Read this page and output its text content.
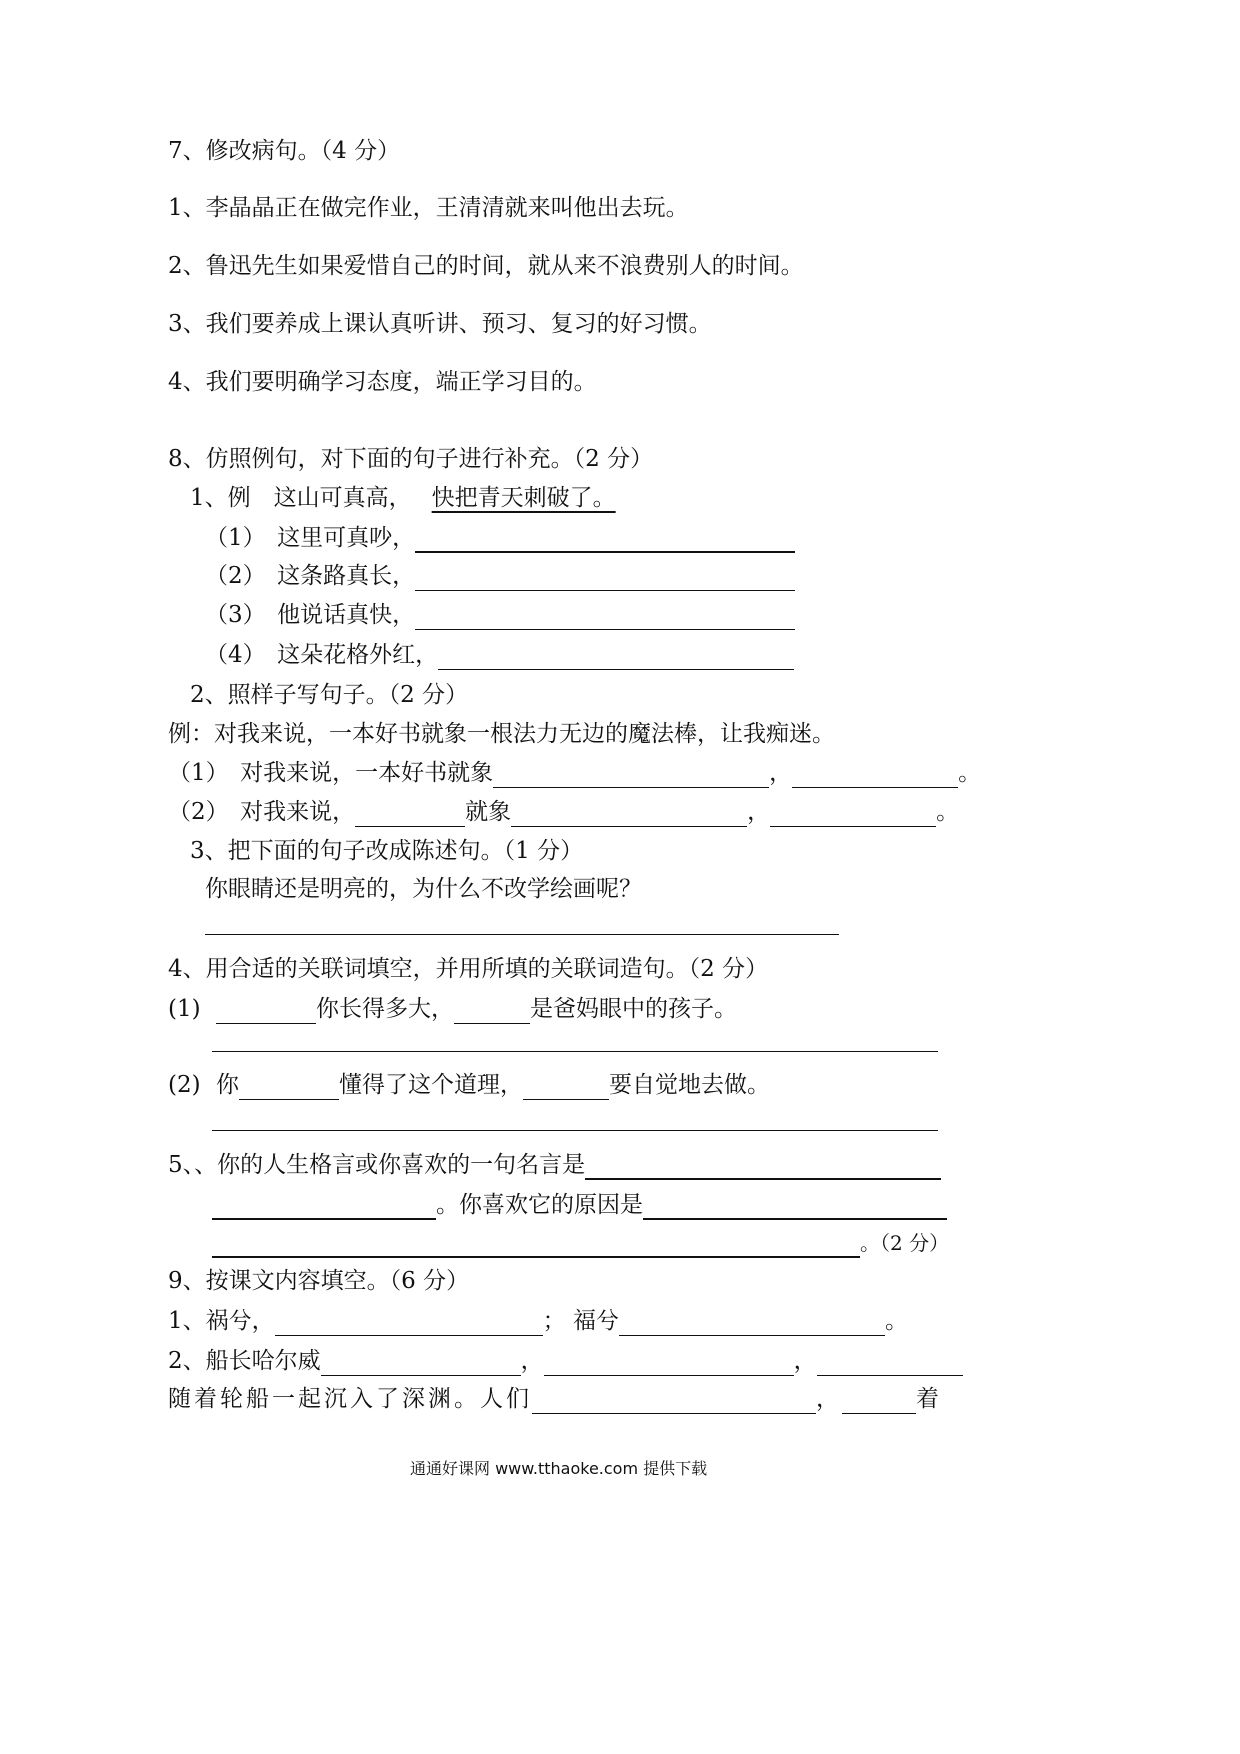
7、修改病句。（4 分）
1、李晶晶正在做完作业，王清清就来叫他出去玩。
2、鲁迅先生如果爱惜自己的时间，就从来不浪费别人的时间。
3、我们要养成上课认真听讲、预习、复习的好习惯。
4、我们要明确学习态度，端正学习目的。
8、仿照例句，对下面的句子进行补充。（2 分）
1、例　这山可真高， 快把青天刺破了。
（1）　这里可真吵，
（2）　这条路真长，
（3）　他说话真快，
（4）　这朵花格外红，
2、照样子写句子。（2 分）
例：对我来说，一本好书就象一根法力无边的魔法棒，让我痴迷。
（1）　对我来说，一本好书就象	，	。
（2）　对我来说，	就象	，	。
3、把下面的句子改成陈述句。（1 分）
你眼睛还是明亮的，为什么不改学绘画呢？
4、用合适的关联词填空，并用所填的关联词造句。（2 分）
(1)	你长得多大，	是爸妈眼中的孩子。
(2) 你	懂得了这个道理，	要自觉地去做。
5、、你的人生格言或你喜欢的一句名言是
。你喜欢它的原因是
。（2 分）
9、按课文内容填空。（6 分）
1、祸兮，	； 福兮	。
2、船长哈尔威	，	，
随着轮船一起沉入了深渊。人们	，	着
通通好课网 www.tthaoke.com 提供下载
